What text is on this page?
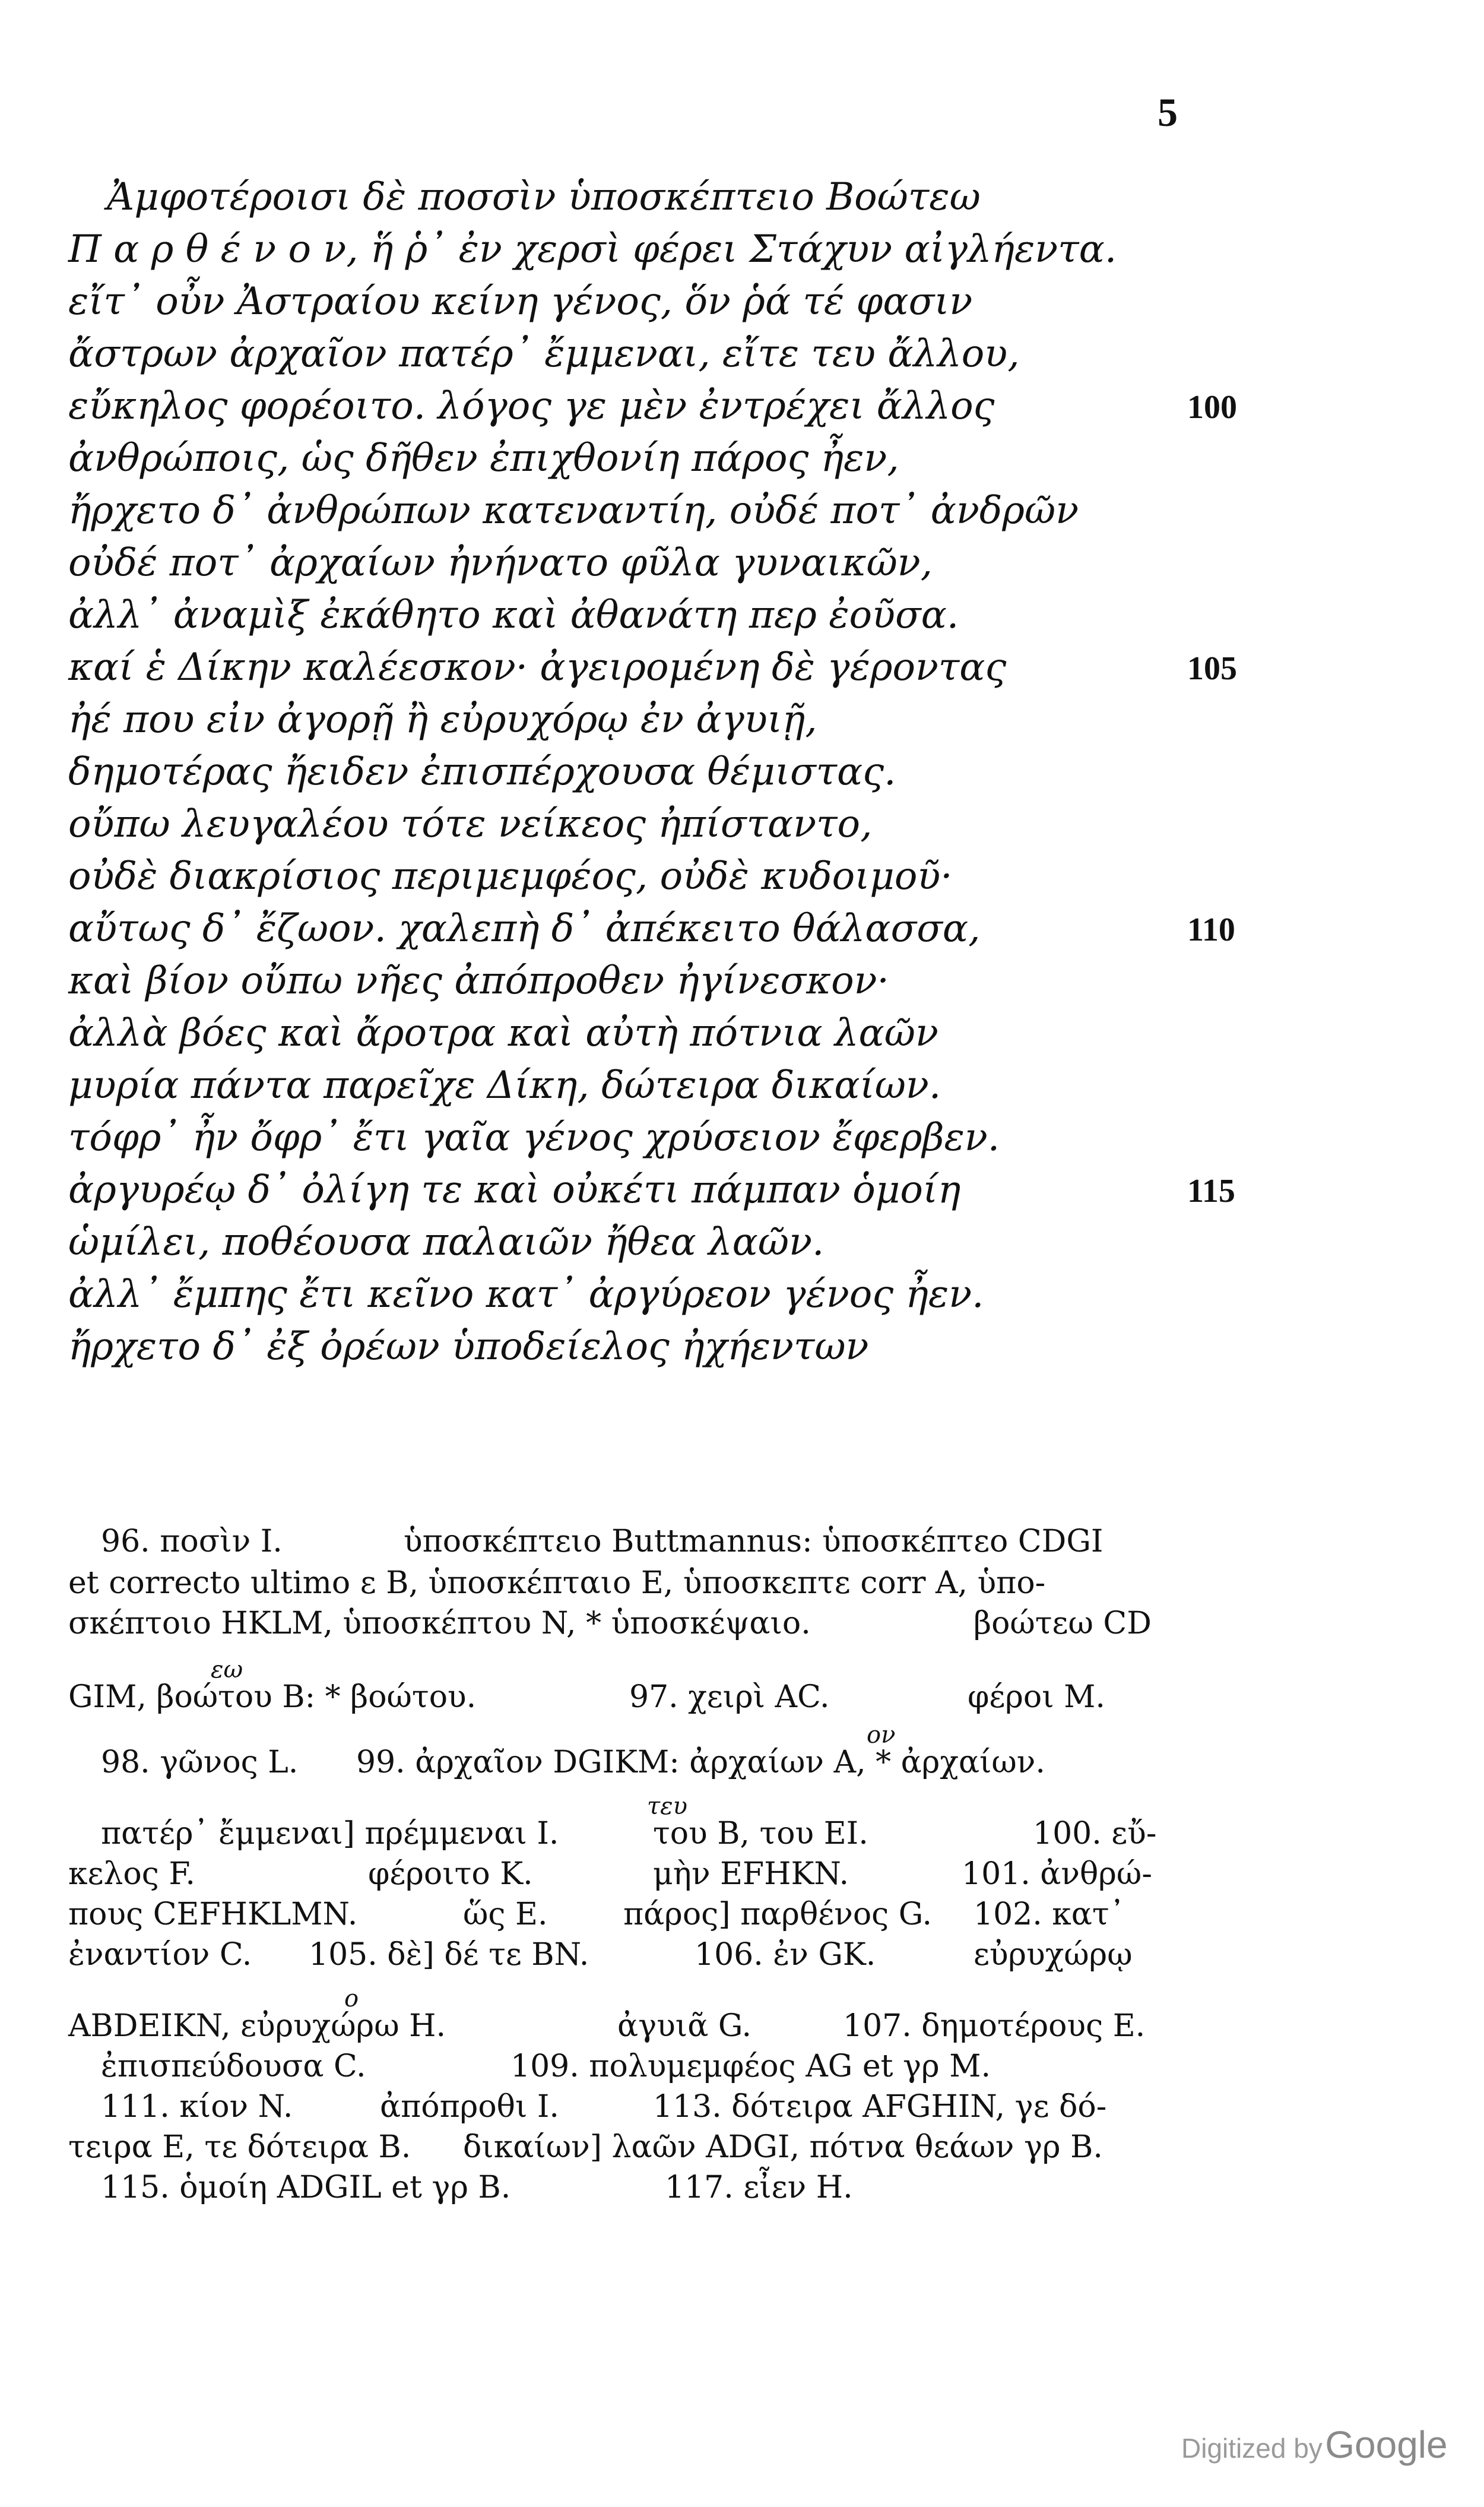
5
Ἀμφοτέροισι δὲ ποσσὶν ὑποσκέπτειο Βοώτεω
Π α ρ θ έ ν ο ν, ἥ ῥ᾽ ἐν χερσὶ φέρει Στάχυν αἰγλήεντα.
εἴτ᾽ οὖν Ἀστραίου κείνη γένος, ὅν ῥά τέ φασιν
ἄστρων ἀρχαῖον πατέρ᾽ ἔμμεναι, εἴτε τευ ἄλλου,
εὔκηλος φορέοιτο. λόγος γε μὲν ἐντρέχει ἄλλος	100
ἀνθρώποις, ὡς δῆθεν ἐπιχθονίη πάρος ἦεν,
ἤρχετο δ᾽ ἀνθρώπων κατεναντίη, οὐδέ ποτ᾽ ἀνδρῶν
οὐδέ ποτ᾽ ἀρχαίων ἠνήνατο φῦλα γυναικῶν,
ἀλλ᾽ ἀναμὶξ ἐκάθητο καὶ ἀθανάτη περ ἐοῦσα.
καί ἑ Δίκην καλέεσκον· ἀγειρομένη δὲ γέροντας	105
ἠέ που εἰν ἀγορῇ ἢ εὐρυχόρῳ ἐν ἀγυιῇ,
δημοτέρας ἤειδεν ἐπισπέρχουσα θέμιστας.
οὔπω λευγαλέου τότε νείκεος ἠπίσταντο,
οὐδὲ διακρίσιος περιμεμφέος, οὐδὲ κυδοιμοῦ·
αὔτως δ᾽ ἔζωον. χαλεπὴ δ᾽ ἀπέκειτο θάλασσα,	110
καὶ βίον οὔπω νῆες ἀπόπροθεν ἠγίνεσκον·
ἀλλὰ βόες καὶ ἄροτρα καὶ αὐτὴ πότνια λαῶν
μυρία πάντα παρεῖχε Δίκη, δώτειρα δικαίων.
τόφρ᾽ ἦν ὄφρ᾽ ἔτι γαῖα γένος χρύσειον ἔφερβεν.
ἀργυρέῳ δ᾽ ὀλίγη τε καὶ οὐκέτι πάμπαν ὁμοίη	115
ὡμίλει, ποθέουσα παλαιῶν ἤθεα λαῶν.
ἀλλ᾽ ἔμπης ἔτι κεῖνο κατ᾽ ἀργύρεον γένος ἦεν.
ἤρχετο δ᾽ ἐξ ὀρέων ὑποδείελος ἠχήεντων
96. ποσὶν I.	ὑποσκέπτειο Buttmannus: ὑποσκέπτεο CDGI
et correcto ultimo ε B, ὑποσκέπταιο E, ὑποσκεπτε corr A, ὑπο-
σκέπτοιο HKLM, ὑποσκέπτου N, * ὑποσκέψαιο.	βοώτεω CD
εω
GIM, βοώτου B: * βοώτου.	97. χειρὶ AC.	φέροι M.
ον
98. γῶνος L. 99. ἀρχαῖον DGIKM: ἀρχαίων A, * ἀρχαίων.
τευ
πατέρ᾽ ἔμμεναι] πρέμμεναι I.	του B, του EI.	100. εὔ-
κελος F.	φέροιτο K.	μὴν EFHKN.	101. ἀνθρώ-
πους CEFHKLMN.	ὥς E. πάρος] παρθένος G. 102. κατ᾽
ἐναντίον C. 105. δὲ] δέ τε BN.	106. ἐν GK.	εὐρυχώρῳ
ο
ABDEIKN, εὐρυχώρω H.	ἀγυιᾶ G.	107. δημοτέρους E.
ἐπισπεύδουσα C.	109. πολυμεμφέος AG et γρ M.
111. κίον N.	ἀπόπροθι I.	113. δότειρα AFGHIN, γε δό-
τειρα E, τε δότειρα B. δικαίων] λαῶν ADGI, πότνα θεάων γρ B.
115. ὁμοίη ADGIL et γρ B.	117. εἶεν H.
Digitized by Google
